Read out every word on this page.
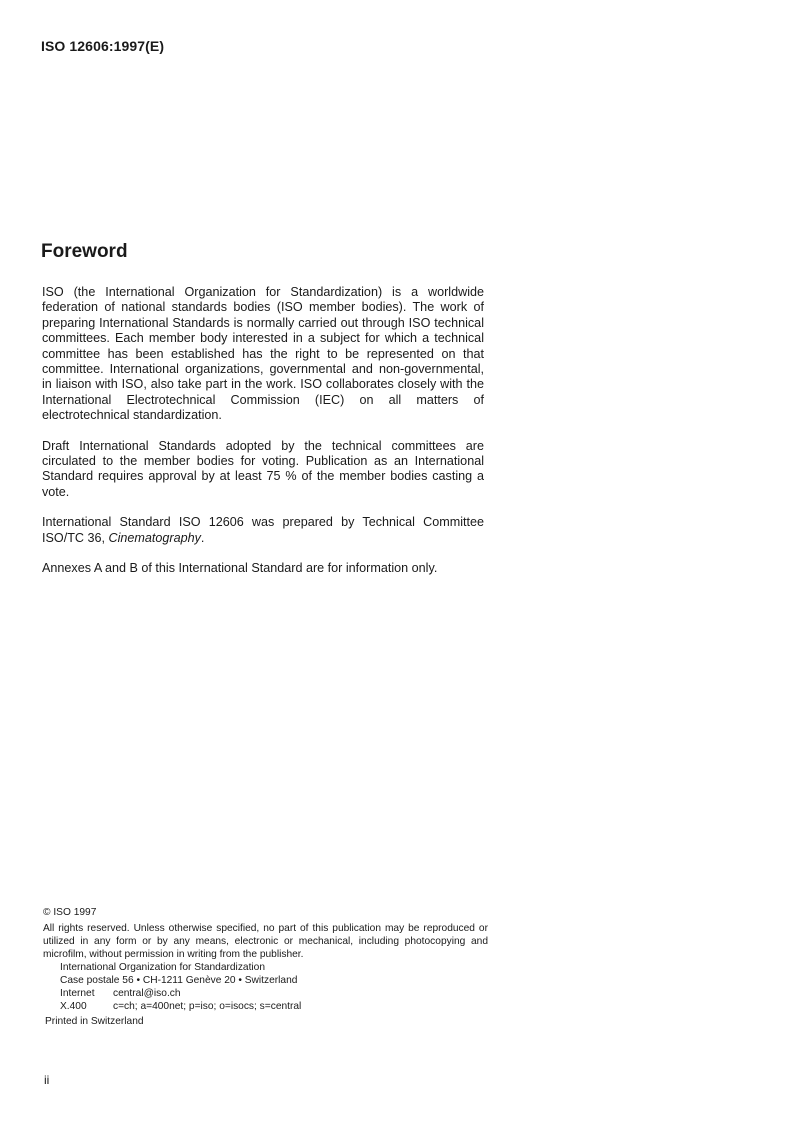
ISO 12606:1997(E)
Foreword

ISO (the International Organization for Standardization) is a worldwide federation of national standards bodies (ISO member bodies). The work of preparing International Standards is normally carried out through ISO technical committees. Each member body interested in a subject for which a technical committee has been established has the right to be represented on that committee. International organizations, governmental and non-governmental, in liaison with ISO, also take part in the work. ISO collaborates closely with the International Electrotechnical Commission (IEC) on all matters of electrotechnical standardization.

Draft International Standards adopted by the technical committees are circulated to the member bodies for voting. Publication as an International Standard requires approval by at least 75 % of the member bodies casting a vote.

International Standard ISO 12606 was prepared by Technical Committee ISO/TC 36, Cinematography.

Annexes A and B of this International Standard are for information only.

© ISO 1997
All rights reserved. Unless otherwise specified, no part of this publication may be reproduced or utilized in any form or by any means, electronic or mechanical, including photocopying and microfilm, without permission in writing from the publisher.
International Organization for Standardization
Case postale 56 • CH-1211 Genève 20 • Switzerland
Internet central@iso.ch
X.400	c=ch; a=400net; p=iso; o=isocs; s=central
Printed in Switzerland
ii
